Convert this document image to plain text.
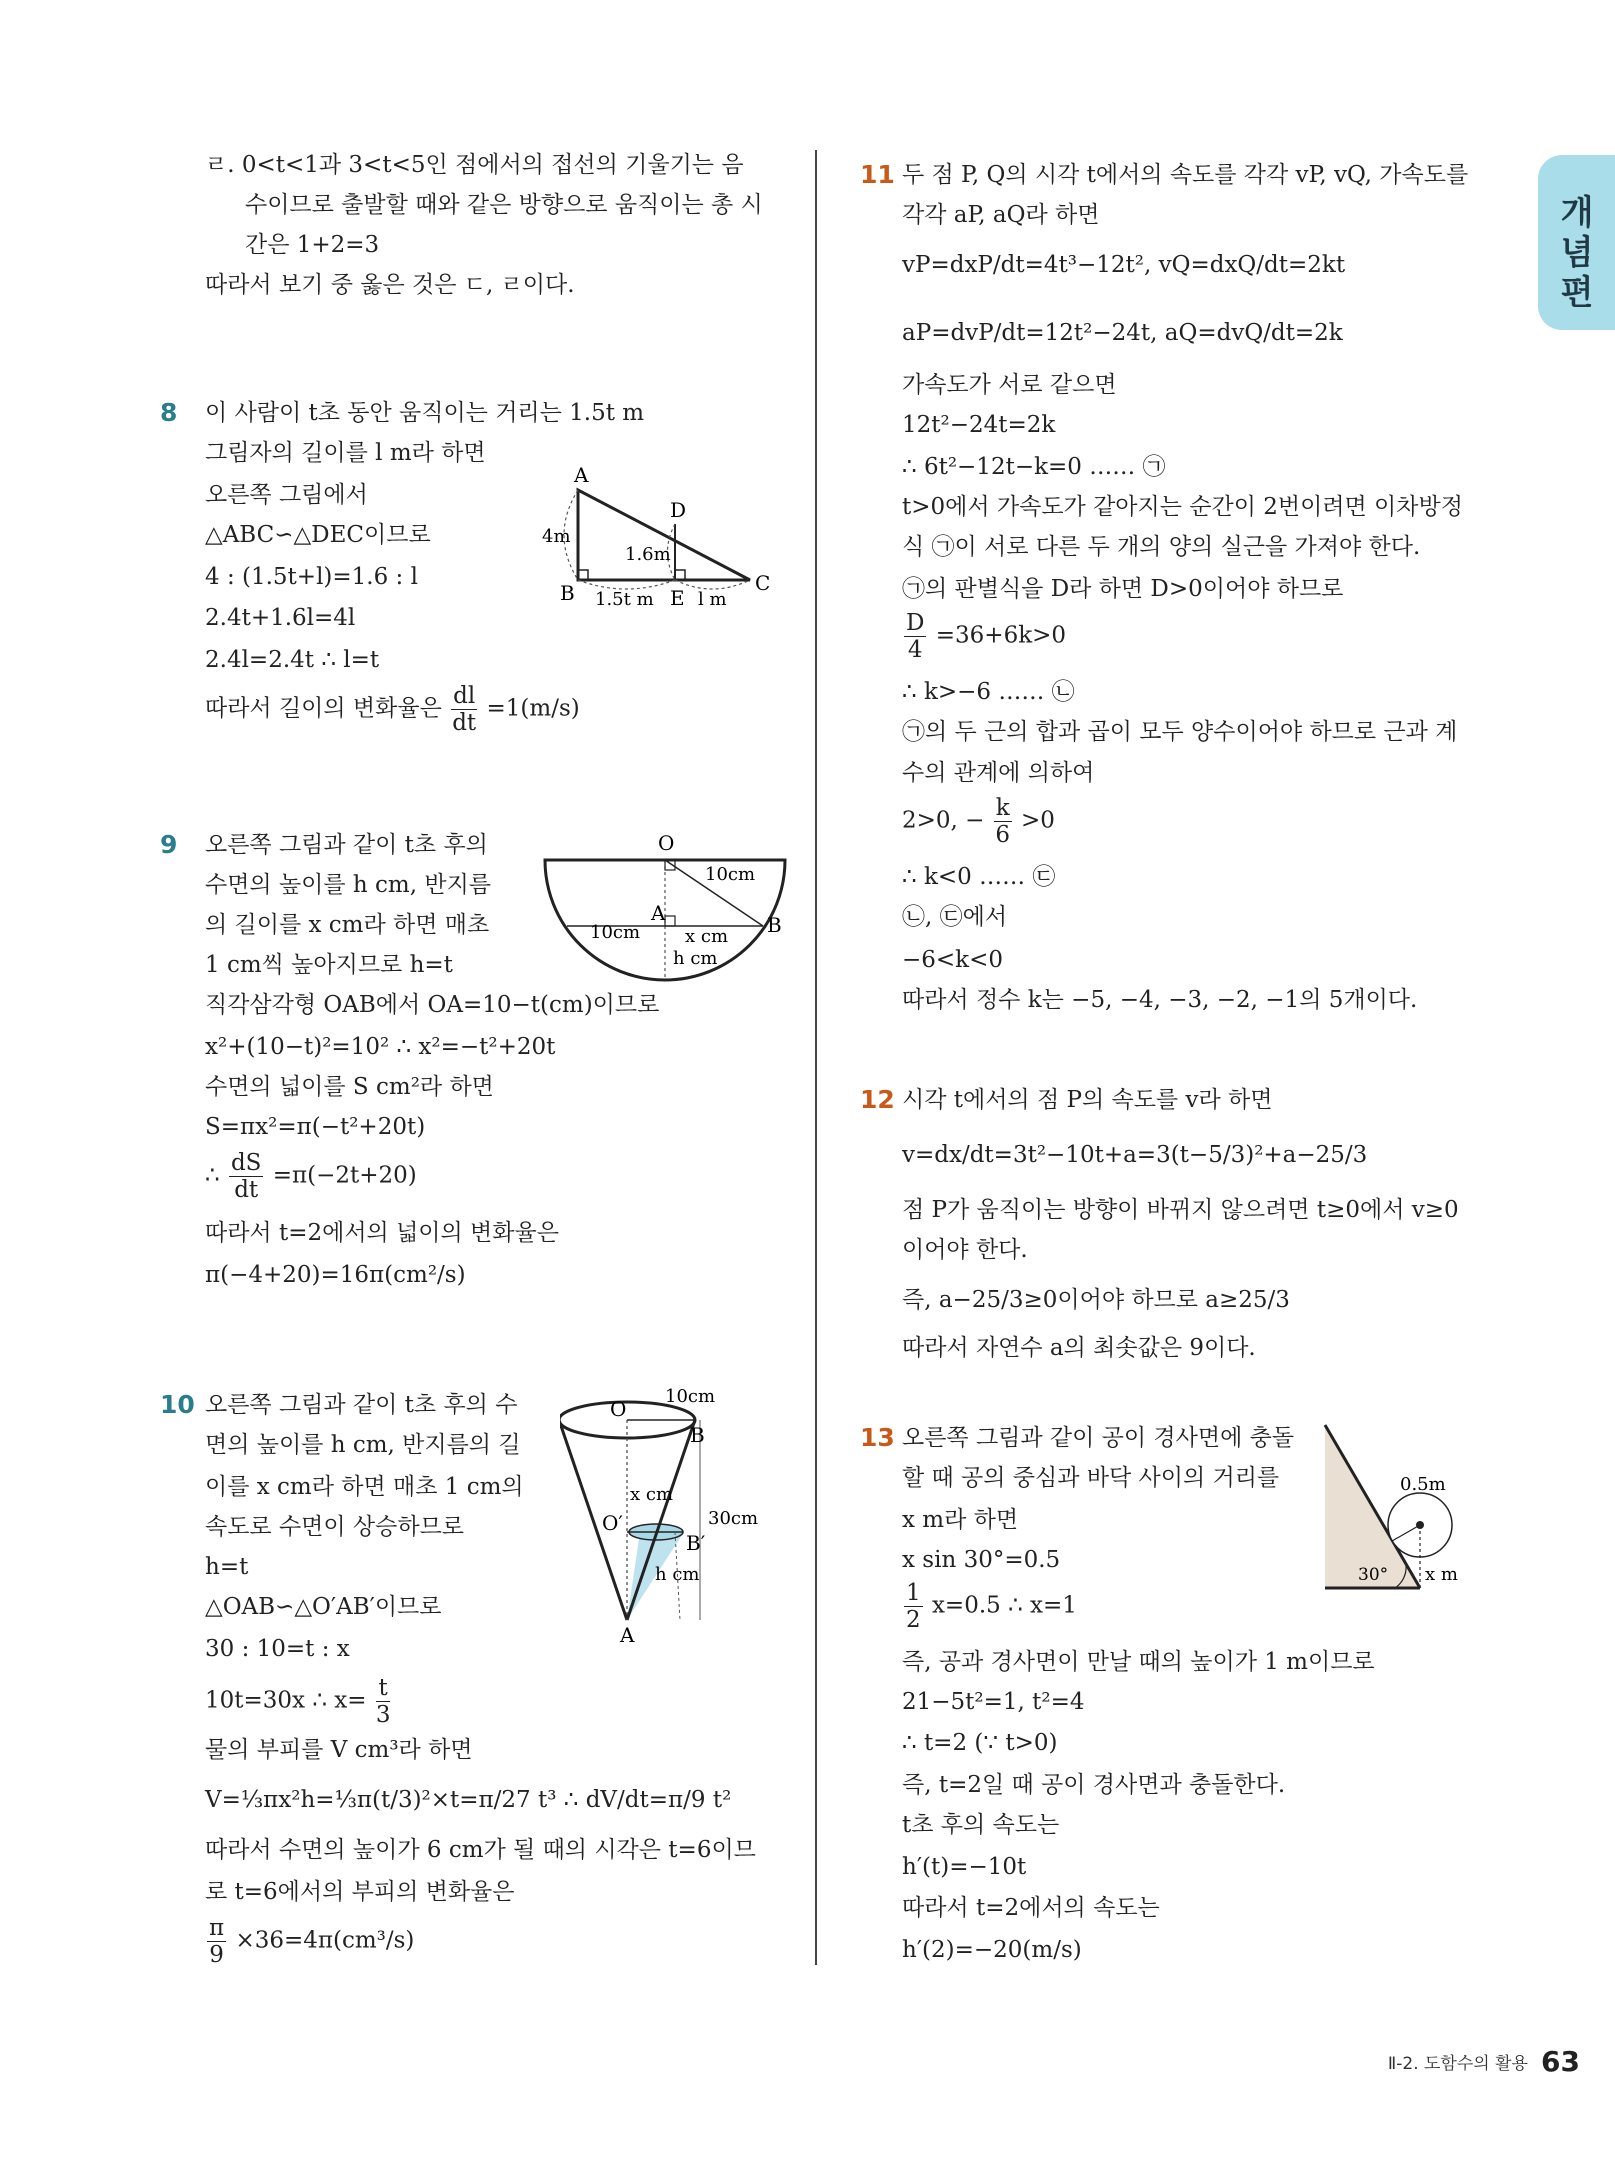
개
념
편
ㄹ. 0<t<1과 3<t<5인 점에서의 접선의 기울기는 음
수이므로 출발할 때와 같은 방향으로 움직이는 총 시
간은 1+2=3
따라서 보기 중 옳은 것은 ㄷ, ㄹ이다.
8 이 사람이 t초 동안 움직이는 거리는 1.5t m
그림자의 길이를 l m라 하면
오른쪽 그림에서
△ABC∽△DEC이므로
4 : (1.5t+l)=1.6 : l
2.4t+1.6l=4l
2.4l=2.4t ∴ l=t
따라서 길이의 변화율은 $\frac{dl}{dt} =1(m/s)$
A
B	C
D
E
4m
1.6m
1.5t m l m
9 오른쪽 그림과 같이 t초 후의
수면의 높이를 h cm, 반지름
의 길이를 x cm라 하면 매초
1 cm씩 높아지므로 h=t
직각삼각형 OAB에서 OA=10−t(cm)이므로
x²+(10−t)²=10² ∴ x²=−t²+20t
수면의 넓이를 S cm²라 하면
S=πx²=π(−t²+20t)
∴ $\frac{dS}{dt} =\pi(-2t+20)$
따라서 t=2에서의 넓이의 변화율은
π(−4+20)=16π(cm²/s)
O
A	B
10cm
10cm x cm
h cm
10 오른쪽 그림과 같이 t초 후의 수
면의 높이를 h cm, 반지름의 길
이를 x cm라 하면 매초 1 cm의
속도로 수면이 상승하므로
h=t
△OAB∽△O′AB′이므로
30 : 10=t : x
10t=30x ∴ $x= \frac{t}{3}$
물의 부피를 V cm³라 하면
V=⅓πx²h=⅓π(t/3)²×t=π/27 t³ ∴ dV/dt=π/9 t²
따라서 수면의 높이가 6 cm가 될 때의 시각은 t=6이므
로 t=6에서의 부피의 변화율은
$\frac{\pi}{9} \times 36=4\pi(cm^3/s)$
O
B
O′
B′
A
10cm
30cm
x cm
h cm
11 두 점 P, Q의 시각 t에서의 속도를 각각 vP, vQ, 가속도를
각각 aP, aQ라 하면
vP=dxP/dt=4t³−12t², vQ=dxQ/dt=2kt
aP=dvP/dt=12t²−24t, aQ=dvQ/dt=2k
가속도가 서로 같으면
12t²−24t=2k
∴ 6t²−12t−k=0 …… ㉠
t>0에서 가속도가 같아지는 순간이 2번이려면 이차방정
식 ㉠이 서로 다른 두 개의 양의 실근을 가져야 한다.
㉠의 판별식을 D라 하면 D>0이어야 하므로
$\frac{D}{4} =36+6k>0$
∴ k>−6 …… ㉡
㉠의 두 근의 합과 곱이 모두 양수이어야 하므로 근과 계
수의 관계에 의하여
2>0, − $\frac{k}{6} >0$
∴ k<0 …… ㉢
㉡, ㉢에서
−6<k<0
따라서 정수 k는 −5, −4, −3, −2, −1의 5개이다.
12 시각 t에서의 점 P의 속도를 v라 하면
v=dx/dt=3t²−10t+a=3(t−5/3)²+a−25/3
점 P가 움직이는 방향이 바뀌지 않으려면 t≥0에서 v≥0
이어야 한다.
즉, a−25/3≥0이어야 하므로 a≥25/3
따라서 자연수 a의 최솟값은 9이다.
13 오른쪽 그림과 같이 공이 경사면에 충돌
할 때 공의 중심과 바닥 사이의 거리를
x m라 하면
x sin 30°=0.5
$\frac{1}{2} x=0.5$ ∴ x=1
즉, 공과 경사면이 만날 때의 높이가 1 m이므로
21−5t²=1, t²=4
∴ t=2 (∵ t>0)
즉, t=2일 때 공이 경사면과 충돌한다.
t초 후의 속도는
h′(t)=−10t
따라서 t=2에서의 속도는
h′(2)=−20(m/s)
0.5m
30° x m
Ⅱ-2. 도함수의 활용 63
